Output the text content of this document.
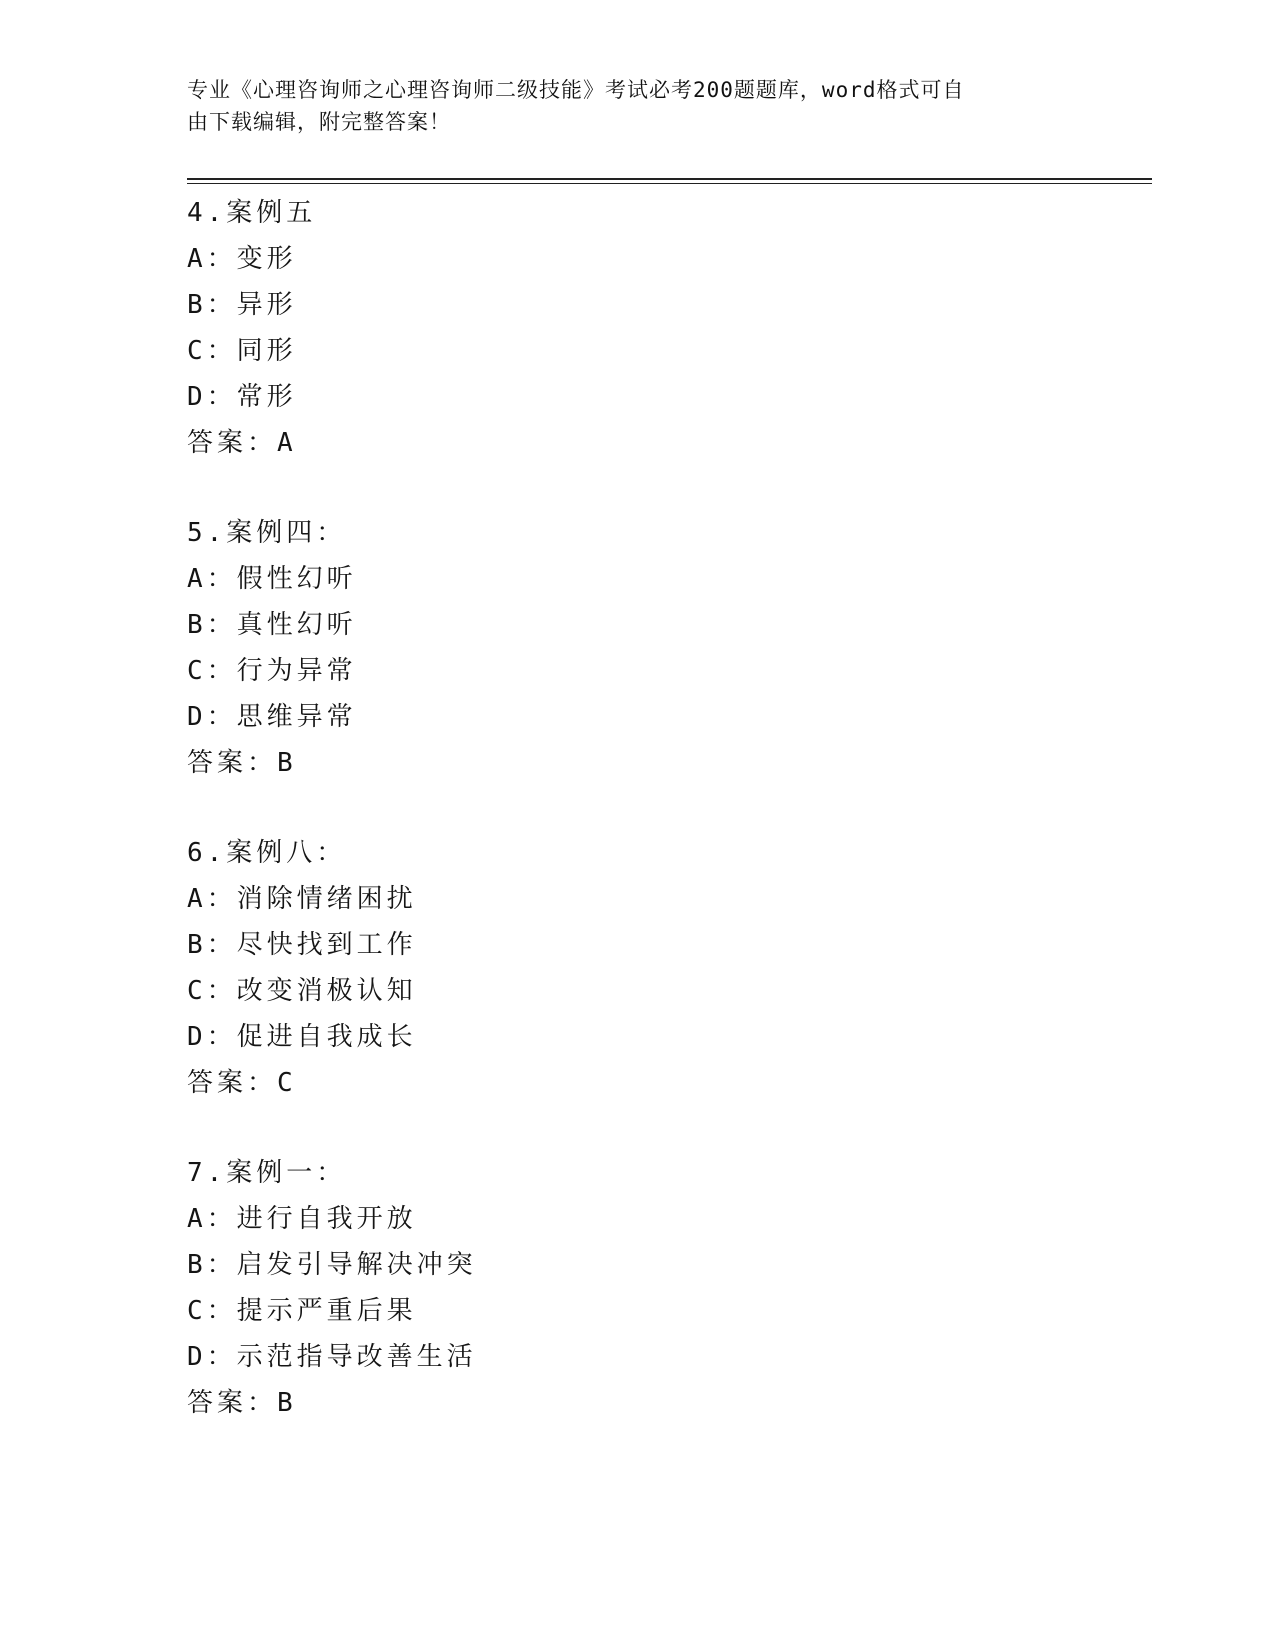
专业《心理咨询师之心理咨询师二级技能》考试必考200题题库，word格式可自
由下载编辑，附完整答案！
4.案例五
A：变形
B：异形
C：同形
D：常形
答案：A
5.案例四：
A：假性幻听
B：真性幻听
C：行为异常
D：思维异常
答案：B
6.案例八：
A：消除情绪困扰
B：尽快找到工作
C：改变消极认知
D：促进自我成长
答案：C
7.案例一：
A：进行自我开放
B：启发引导解决冲突
C：提示严重后果
D：示范指导改善生活
答案：B
